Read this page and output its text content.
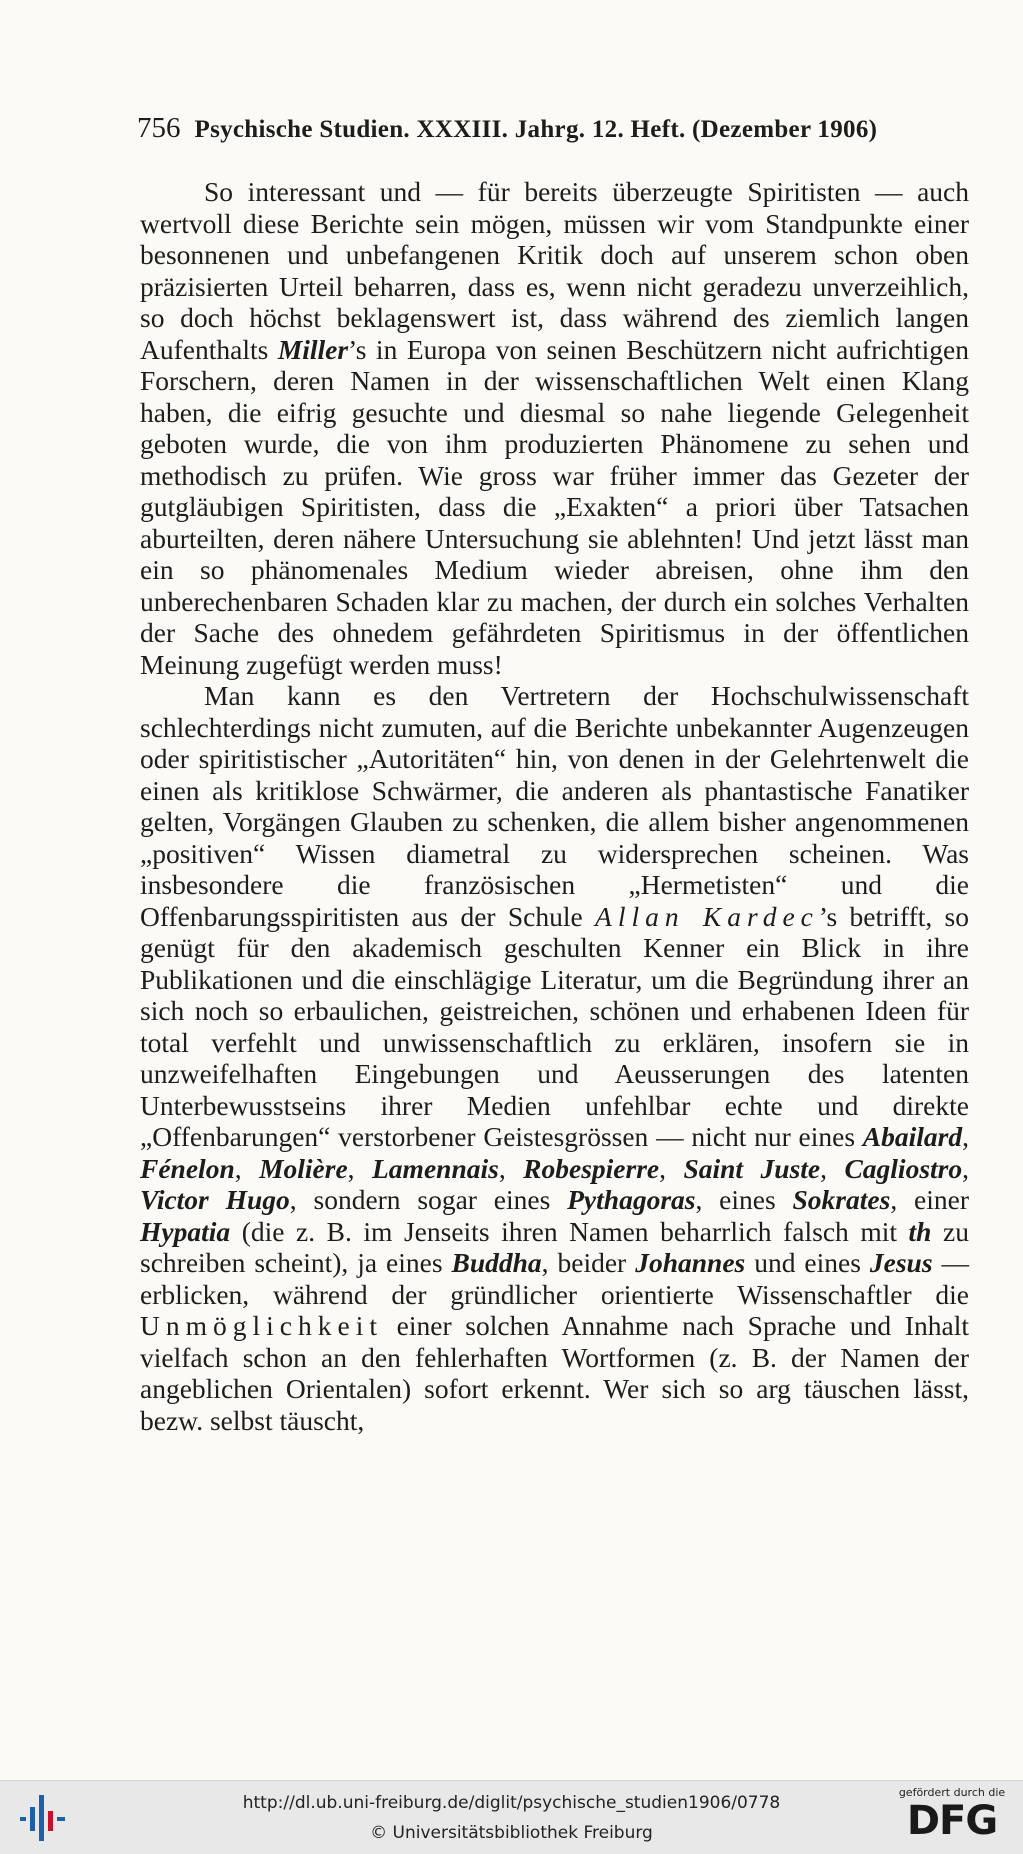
756 Psychische Studien. XXXIII. Jahrg. 12. Heft. (Dezember 1906)

So interessant und — für bereits überzeugte Spiritisten — auch wertvoll diese Berichte sein mögen, müssen wir vom Standpunkte einer besonnenen und unbefangenen Kritik doch auf unserem schon oben präzisierten Urteil beharren, dass es, wenn nicht geradezu unverzeihlich, so doch höchst beklagenswert ist, dass während des ziemlich langen Aufenthalts Miller’s in Europa von seinen Beschützern nicht aufrichtigen Forschern, deren Namen in der wissenschaftlichen Welt einen Klang haben, die eifrig gesuchte und diesmal so nahe liegende Gelegenheit geboten wurde, die von ihm produzierten Phänomene zu sehen und methodisch zu prüfen. Wie gross war früher immer das Gezeter der gutgläubigen Spiritisten, dass die „Exakten“ a priori über Tatsachen aburteilten, deren nähere Untersuchung sie ablehnten! Und jetzt lässt man ein so phänomenales Medium wieder abreisen, ohne ihm den unberechenbaren Schaden klar zu machen, der durch ein solches Verhalten der Sache des ohnedem gefährdeten Spiritismus in der öffentlichen Meinung zugefügt werden muss!

Man kann es den Vertretern der Hochschulwissenschaft schlechterdings nicht zumuten, auf die Berichte unbekannter Augenzeugen oder spiritistischer „Autoritäten“ hin, von denen in der Gelehrtenwelt die einen als kritiklose Schwärmer, die anderen als phantastische Fanatiker gelten, Vorgängen Glauben zu schenken, die allem bisher angenommenen „positiven“ Wissen diametral zu widersprechen scheinen. Was insbesondere die französischen „Hermetisten“ und die Offenbarungsspiritisten aus der Schule Allan Kardec’s betrifft, so genügt für den akademisch geschulten Kenner ein Blick in ihre Publikationen und die einschlägige Literatur, um die Begründung ihrer an sich noch so erbaulichen, geistreichen, schönen und erhabenen Ideen für total verfehlt und unwissenschaftlich zu erklären, insofern sie in unzweifelhaften Eingebungen und Aeusserungen des latenten Unterbewusstseins ihrer Medien unfehlbar echte und direkte „Offenbarungen“ verstorbener Geistesgrössen — nicht nur eines Abailard, Fénelon, Molière, Lamennais, Robespierre, Saint Juste, Cagliostro, Victor Hugo, sondern sogar eines Pythagoras, eines Sokrates, einer Hypatia (die z. B. im Jenseits ihren Namen beharrlich falsch mit th zu schreiben scheint), ja eines Buddha, beider Johannes und eines Jesus — erblicken, während der gründlicher orientierte Wissenschaftler die Unmöglichkeit einer solchen Annahme nach Sprache und Inhalt vielfach schon an den fehlerhaften Wortformen (z. B. der Namen der angeblichen Orientalen) sofort erkennt. Wer sich so arg täuschen lässt, bezw. selbst täuscht,

http://dl.ub.uni-freiburg.de/diglit/psychische_studien1906/0778
© Universitätsbibliothek Freiburg
gefördert durch die
DFG
